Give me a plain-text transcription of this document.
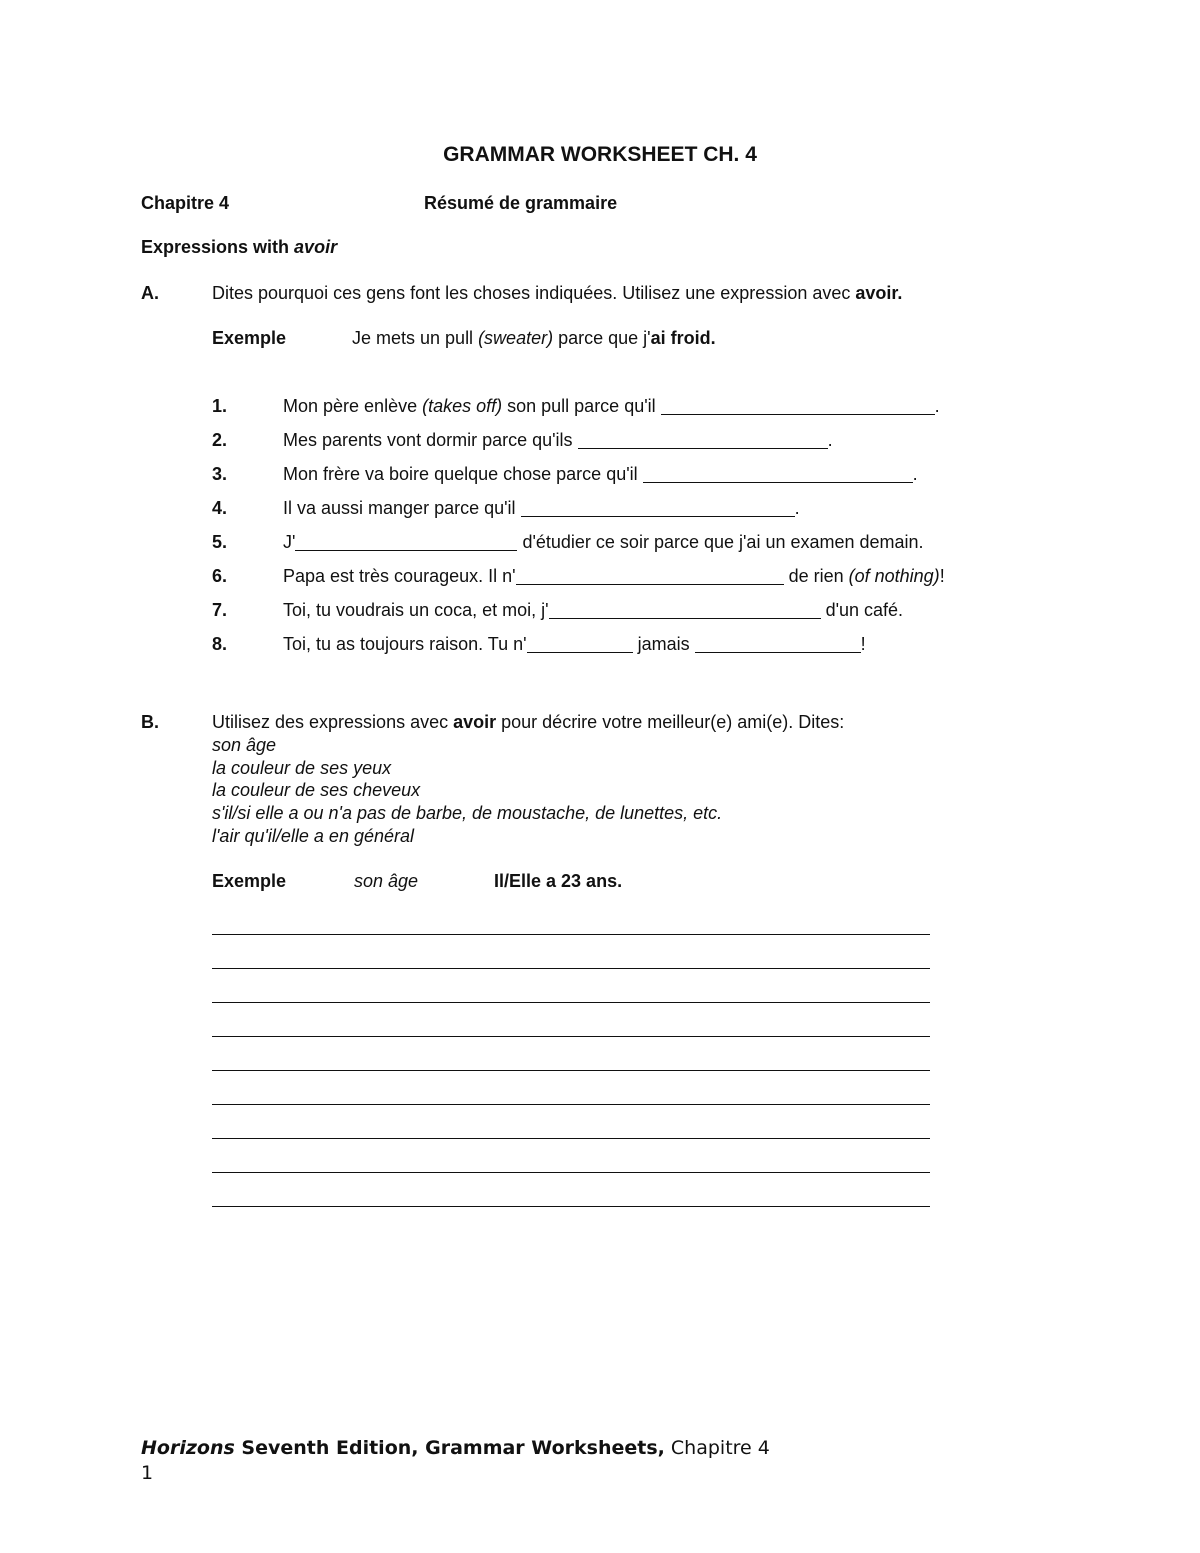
GRAMMAR WORKSHEET CH. 4
Chapitre 4	Résumé de grammaire
Expressions with avoir
A.	Dites pourquoi ces gens font les choses indiquées. Utilisez une expression avec avoir.
Exemple	Je mets un pull (sweater) parce que j'ai froid.
1.	Mon père enlève (takes off) son pull parce qu'il	.
2.	Mes parents vont dormir parce qu'ils	.
3.	Mon frère va boire quelque chose parce qu'il	.
4.	Il va aussi manger parce qu'il	.
5.	J'	d'étudier ce soir parce que j'ai un examen demain.
6.	Papa est très courageux. Il n'	de rien (of nothing)!
7.	Toi, tu voudrais un coca, et moi, j'	d'un café.
8.	Toi, tu as toujours raison. Tu n'	jamais	!
B.	Utilisez des expressions avec avoir pour décrire votre meilleur(e) ami(e). Dites:
son âge
la couleur de ses yeux
la couleur de ses cheveux
s'il/si elle a ou n'a pas de barbe, de moustache, de lunettes, etc.
l'air qu'il/elle a en général
Exemple	son âge	Il/Elle a 23 ans.
Horizons Seventh Edition, Grammar Worksheets, Chapitre 4
1
